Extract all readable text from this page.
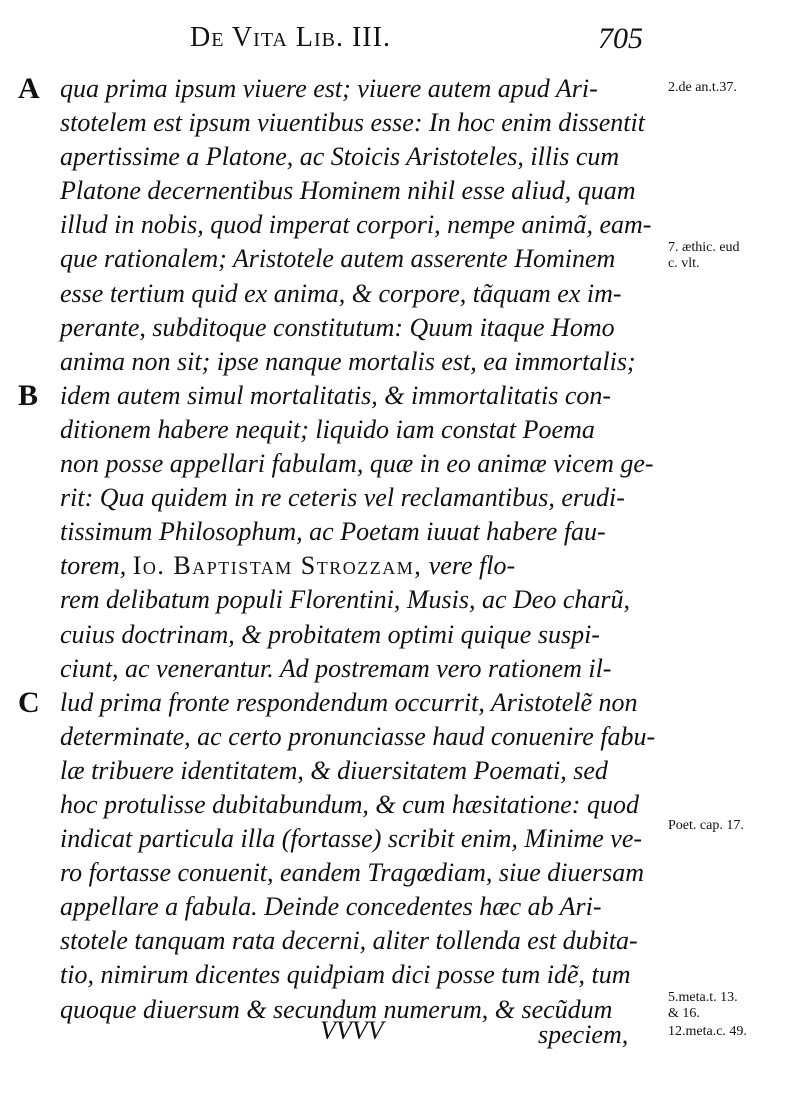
De Vita Lib. III.	705
A
B
C
qua prima ipsum viuere est; viuere autem apud Ari-
stotelem est ipsum viuentibus esse: In hoc enim dissentit
apertissime a Platone, ac Stoicis Aristoteles, illis cum
Platone decernentibus Hominem nihil esse aliud, quam
illud in nobis, quod imperat corpori, nempe animã, eam-
que rationalem; Aristotele autem asserente Hominem
esse tertium quid ex anima, & corpore, tãquam ex im-
perante, subditoque constitutum: Quum itaque Homo
anima non sit; ipse nanque mortalis est, ea immortalis;
idem autem simul mortalitatis, & immortalitatis con-
ditionem habere nequit; liquido iam constat Poema
non posse appellari fabulam, quæ in eo animæ vicem ge-
rit: Qua quidem in re ceteris vel reclamantibus, erudi-
tissimum Philosophum, ac Poetam iuuat habere fau-
torem, Io. Baptistam Strozzam, vere flo-
rem delibatum populi Florentini, Musis, ac Deo charũ,
cuius doctrinam, & probitatem optimi quique suspi-
ciunt, ac venerantur. Ad postremam vero rationem il-
lud prima fronte respondendum occurrit, Aristotelẽ non
determinate, ac certo pronunciasse haud conuenire fabu-
læ tribuere identitatem, & diuersitatem Poemati, sed
hoc protulisse dubitabundum, & cum hæsitatione: quod
indicat particula illa (fortasse) scribit enim, Minime ve-
ro fortasse conuenit, eandem Tragœdiam, siue diuersam
appellare a fabula. Deinde concedentes hæc ab Ari-
stotele tanquam rata decerni, aliter tollenda est dubita-
tio, nimirum dicentes quidpiam dici posse tum idẽ, tum
quoque diuersum & secundum numerum, & secũdum
2.de an.t.37.
7. æthic. eud
c. vlt.
Poet. cap. 17.
5.meta.t. 13.
& 16.
12.meta.c. 49.
VVVV	speciem,
